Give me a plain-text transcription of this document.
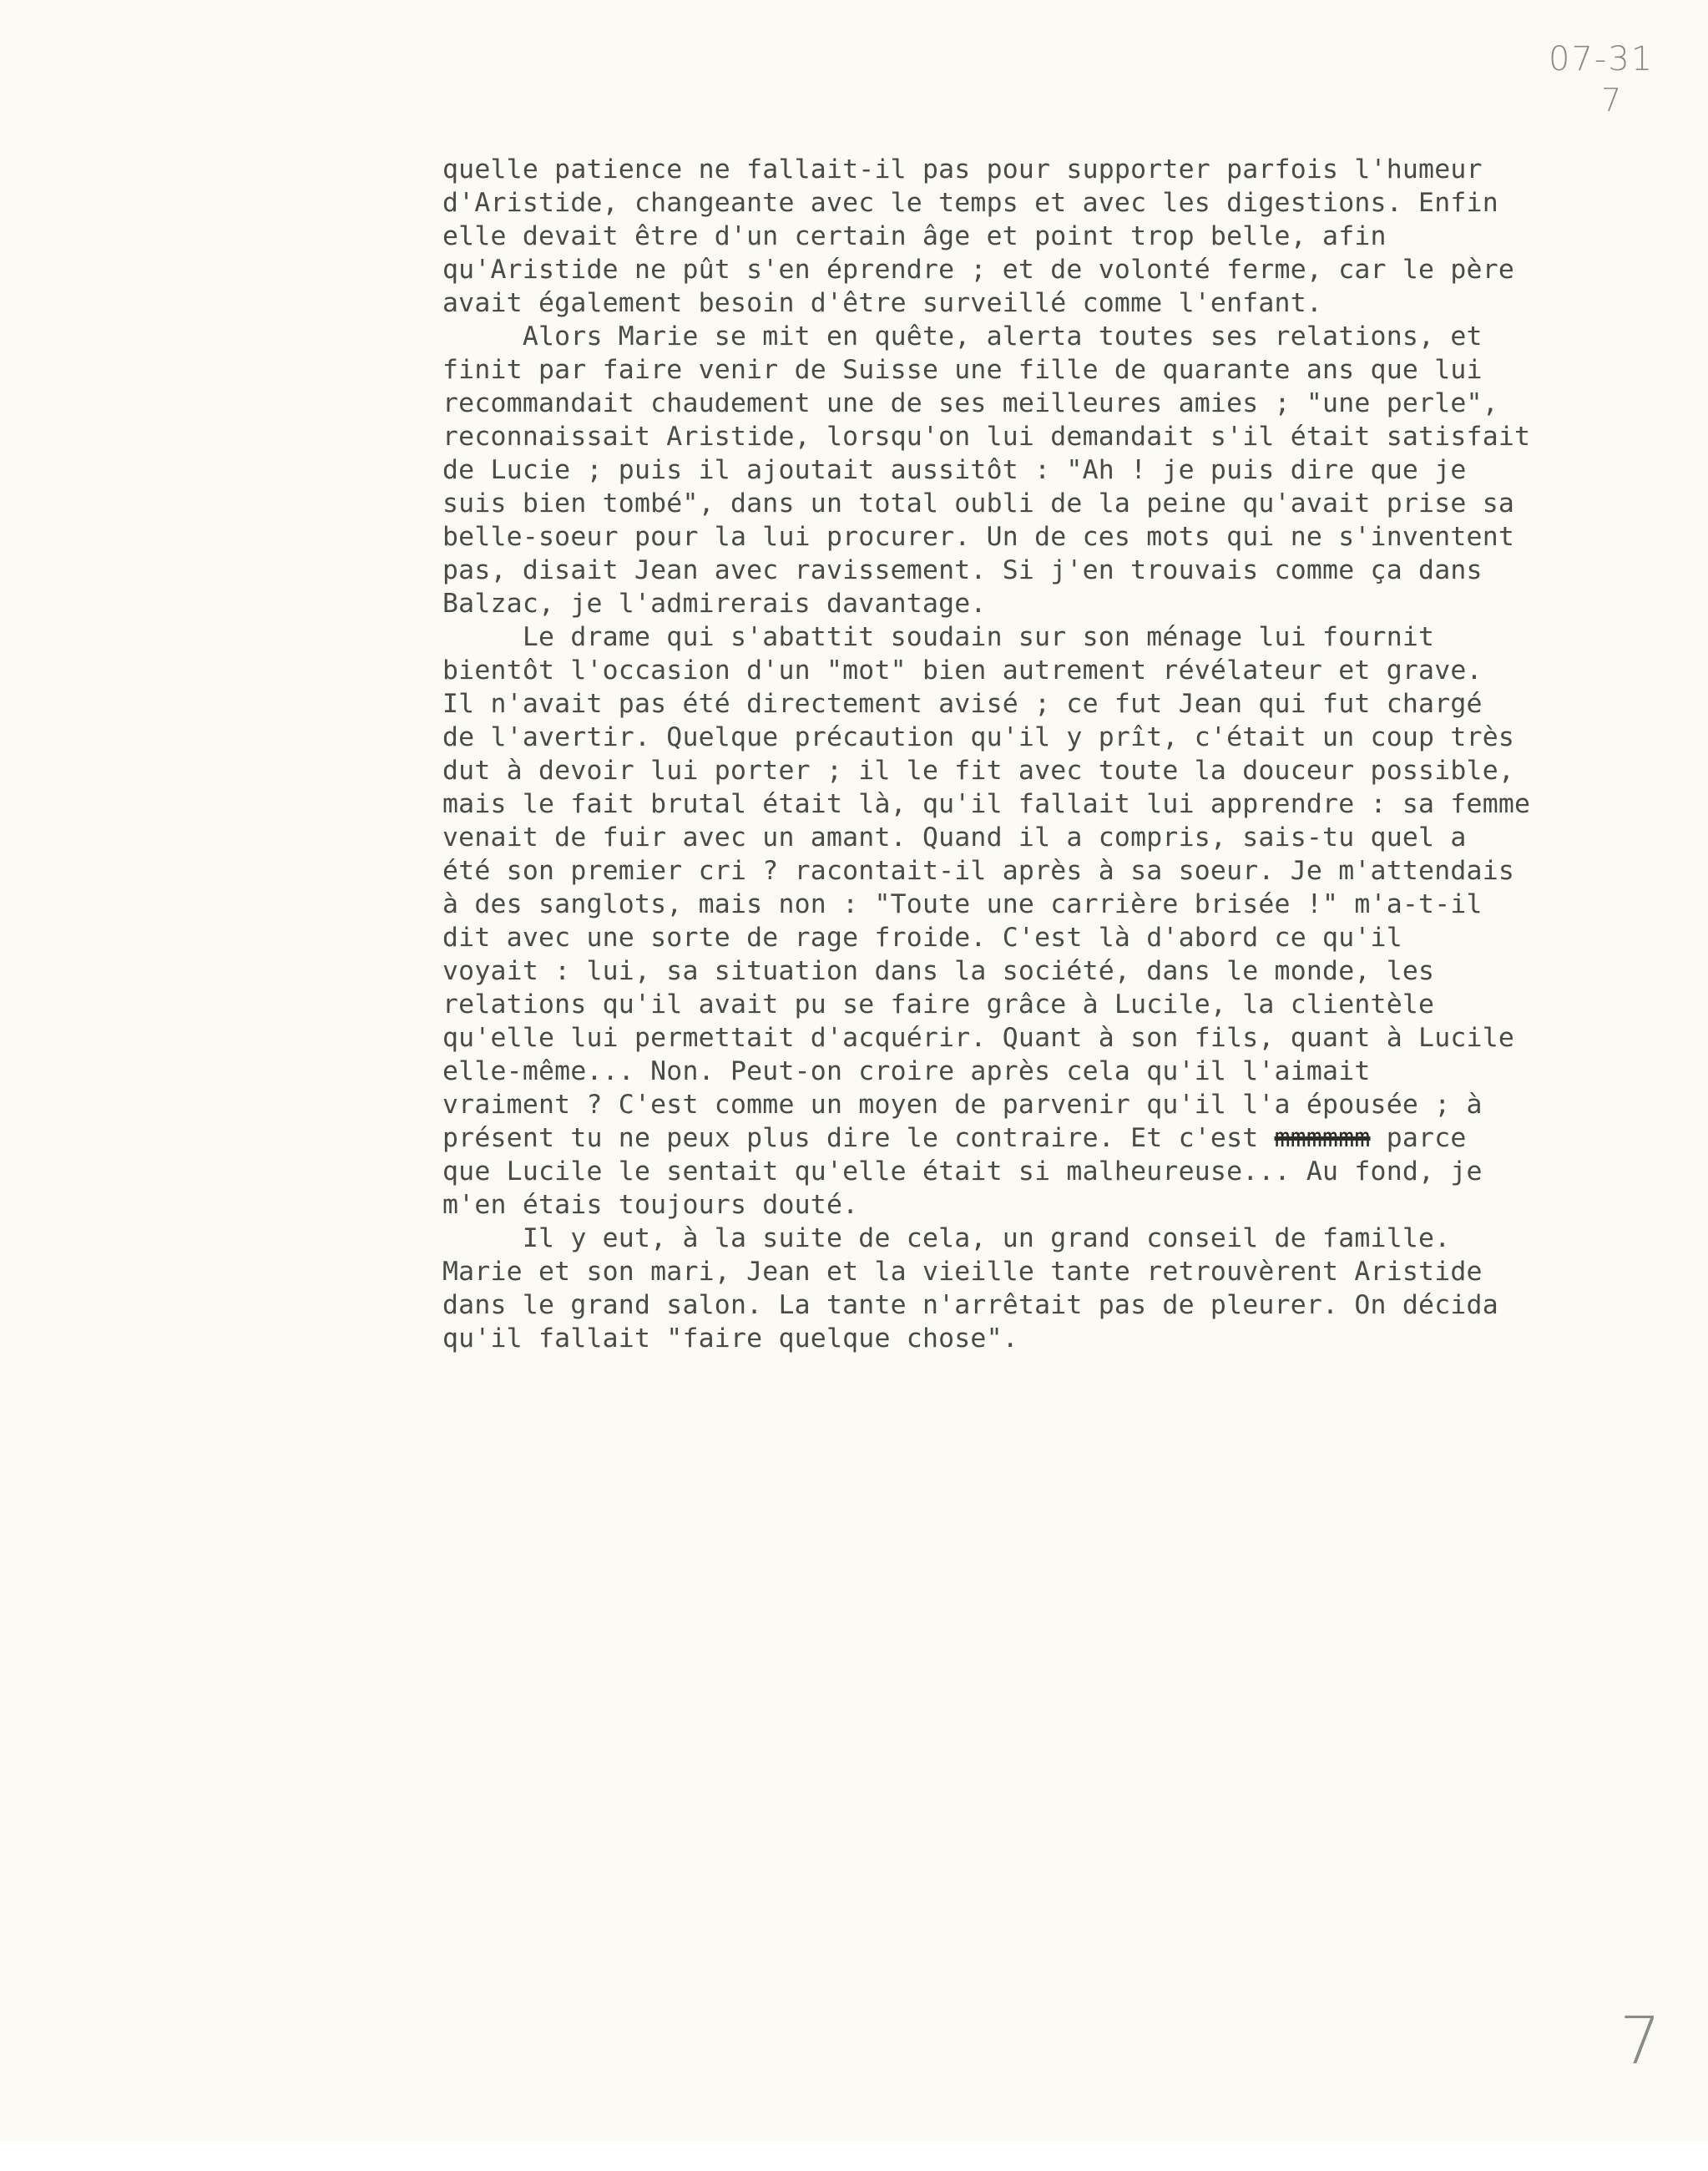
07-31
7
quelle patience ne fallait-il pas pour supporter parfois l'humeur
d'Aristide, changeante avec le temps et avec les digestions. Enfin
elle devait être d'un certain âge et point trop belle, afin
qu'Aristide ne pût s'en éprendre ; et de volonté ferme, car le père
avait également besoin d'être surveillé comme l'enfant.
Alors Marie se mit en quête, alerta toutes ses relations, et
finit par faire venir de Suisse une fille de quarante ans que lui
recommandait chaudement une de ses meilleures amies ; "une perle",
reconnaissait Aristide, lorsqu'on lui demandait s'il était satisfait
de Lucie ; puis il ajoutait aussitôt : "Ah ! je puis dire que je
suis bien tombé", dans un total oubli de la peine qu'avait prise sa
belle-soeur pour la lui procurer. Un de ces mots qui ne s'inventent
pas, disait Jean avec ravissement. Si j'en trouvais comme ça dans
Balzac, je l'admirerais davantage.
Le drame qui s'abattit soudain sur son ménage lui fournit
bientôt l'occasion d'un "mot" bien autrement révélateur et grave.
Il n'avait pas été directement avisé ; ce fut Jean qui fut chargé
de l'avertir. Quelque précaution qu'il y prît, c'était un coup très
dut à devoir lui porter ; il le fit avec toute la douceur possible,
mais le fait brutal était là, qu'il fallait lui apprendre : sa femme
venait de fuir avec un amant. Quand il a compris, sais-tu quel a
été son premier cri ? racontait-il après à sa soeur. Je m'attendais
à des sanglots, mais non : "Toute une carrière brisée !" m'a-t-il
dit avec une sorte de rage froide. C'est là d'abord ce qu'il
voyait : lui, sa situation dans la société, dans le monde, les
relations qu'il avait pu se faire grâce à Lucile, la clientèle
qu'elle lui permettait d'acquérir. Quant à son fils, quant à Lucile
elle-même... Non. Peut-on croire après cela qu'il l'aimait
vraiment ? C'est comme un moyen de parvenir qu'il l'a épousée ; à
présent tu ne peux plus dire le contraire. Et c'est mmmmmm parce
que Lucile le sentait qu'elle était si malheureuse... Au fond, je
m'en étais toujours douté.
Il y eut, à la suite de cela, un grand conseil de famille.
Marie et son mari, Jean et la vieille tante retrouvèrent Aristide
dans le grand salon. La tante n'arrêtait pas de pleurer. On décida
qu'il fallait "faire quelque chose".
7
